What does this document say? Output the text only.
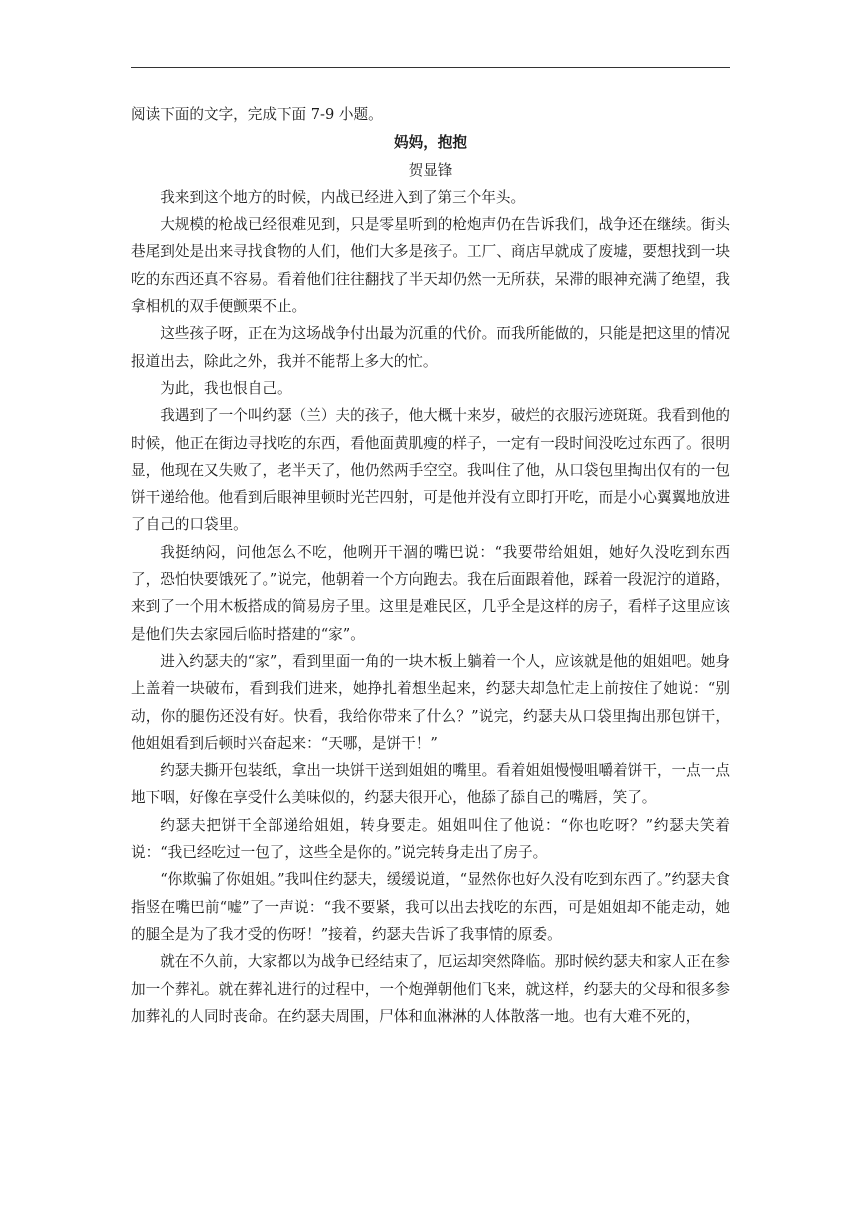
阅读下面的文字，完成下面 7-9 小题。

妈妈，抱抱

贺显锋

我来到这个地方的时候，内战已经进入到了第三个年头。

大规模的枪战已经很难见到，只是零星听到的枪炮声仍在告诉我们，战争还在继续。街头巷尾到处是出来寻找食物的人们，他们大多是孩子。工厂、商店早就成了废墟，要想找到一块吃的东西还真不容易。看着他们往往翻找了半天却仍然一无所获，呆滞的眼神充满了绝望，我拿相机的双手便颤栗不止。

这些孩子呀，正在为这场战争付出最为沉重的代价。而我所能做的，只能是把这里的情况报道出去，除此之外，我并不能帮上多大的忙。

为此，我也恨自己。

我遇到了一个叫约瑟（兰）夫的孩子，他大概十来岁，破烂的衣服污迹斑斑。我看到他的时候，他正在街边寻找吃的东西，看他面黄肌瘦的样子，一定有一段时间没吃过东西了。很明显，他现在又失败了，老半天了，他仍然两手空空。我叫住了他，从口袋包里掏出仅有的一包饼干递给他。他看到后眼神里顿时光芒四射，可是他并没有立即打开吃，而是小心翼翼地放进了自己的口袋里。

我挺纳闷，问他怎么不吃，他咧开干涸的嘴巴说：“我要带给姐姐，她好久没吃到东西了，恐怕快要饿死了。”说完，他朝着一个方向跑去。我在后面跟着他，踩着一段泥泞的道路，来到了一个用木板搭成的简易房子里。这里是难民区，几乎全是这样的房子，看样子这里应该是他们失去家园后临时搭建的“家”。

进入约瑟夫的“家”，看到里面一角的一块木板上躺着一个人，应该就是他的姐姐吧。她身上盖着一块破布，看到我们进来，她挣扎着想坐起来，约瑟夫却急忙走上前按住了她说：“别动，你的腿伤还没有好。快看，我给你带来了什么？”说完，约瑟夫从口袋里掏出那包饼干，他姐姐看到后顿时兴奋起来：“天哪，是饼干！”

约瑟夫撕开包装纸，拿出一块饼干送到姐姐的嘴里。看着姐姐慢慢咀嚼着饼干，一点一点地下咽，好像在享受什么美味似的，约瑟夫很开心，他舔了舔自己的嘴唇，笑了。

约瑟夫把饼干全部递给姐姐，转身要走。姐姐叫住了他说：“你也吃呀？”约瑟夫笑着说：“我已经吃过一包了，这些全是你的。”说完转身走出了房子。

“你欺骗了你姐姐。”我叫住约瑟夫，缓缓说道，“显然你也好久没有吃到东西了。”约瑟夫食指竖在嘴巴前“嘘”了一声说：“我不要紧，我可以出去找吃的东西，可是姐姐却不能走动，她的腿全是为了我才受的伤呀！”接着，约瑟夫告诉了我事情的原委。

就在不久前，大家都以为战争已经结束了，厄运却突然降临。那时候约瑟夫和家人正在参加一个葬礼。就在葬礼进行的过程中，一个炮弹朝他们飞来，就这样，约瑟夫的父母和很多参加葬礼的人同时丧命。在约瑟夫周围，尸体和血淋淋的人体散落一地。也有大难不死的，
